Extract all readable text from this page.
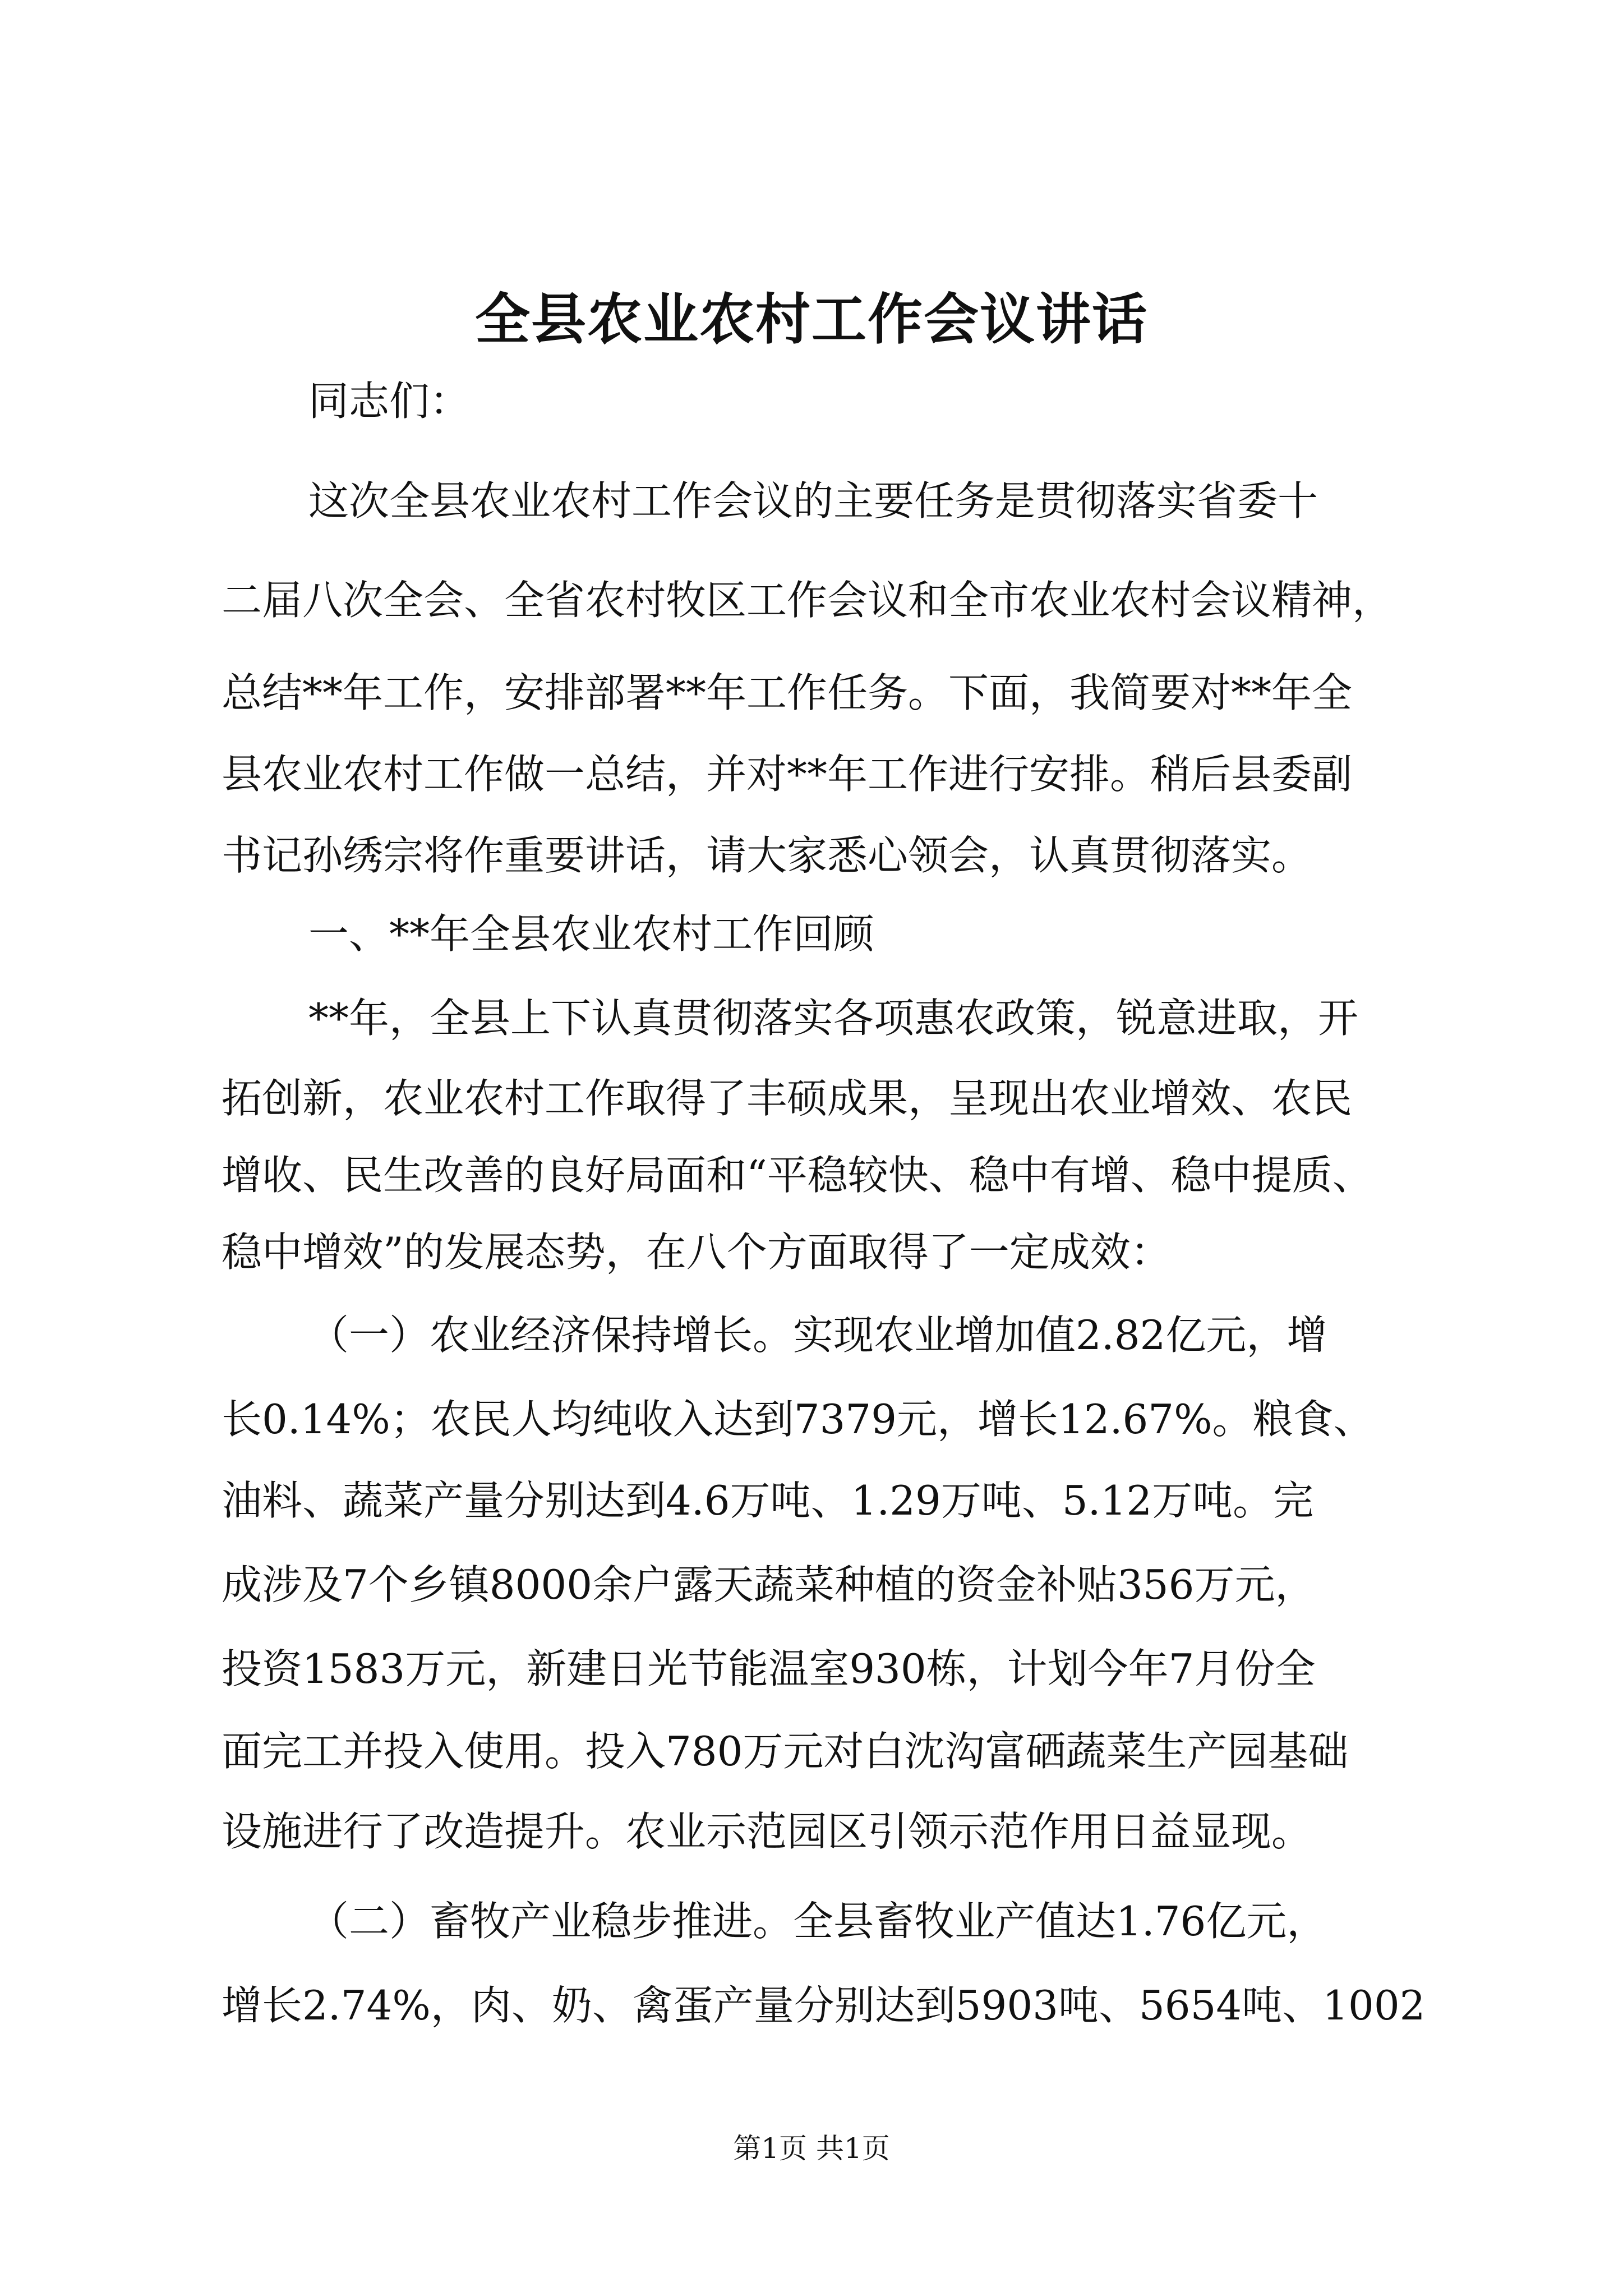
全县农业农村工作会议讲话
同志们：
这次全县农业农村工作会议的主要任务是贯彻落实省委十
二届八次全会、全省农村牧区工作会议和全市农业农村会议精神，
总结**年工作，安排部署**年工作任务。下面，我简要对**年全
县农业农村工作做一总结，并对**年工作进行安排。稍后县委副
书记孙绣宗将作重要讲话，请大家悉心领会，认真贯彻落实。
一、**年全县农业农村工作回顾
**年，全县上下认真贯彻落实各项惠农政策，锐意进取，开
拓创新，农业农村工作取得了丰硕成果，呈现出农业增效、农民
增收、民生改善的良好局面和“平稳较快、稳中有增、稳中提质、
稳中增效”的发展态势，在八个方面取得了一定成效：
（一）农业经济保持增长。实现农业增加值2.82亿元，增
长0.14%；农民人均纯收入达到7379元，增长12.67%。粮食、
油料、蔬菜产量分别达到4.6万吨、1.29万吨、5.12万吨。完
成涉及7个乡镇8000余户露天蔬菜种植的资金补贴356万元，
投资1583万元，新建日光节能温室930栋，计划今年7月份全
面完工并投入使用。投入780万元对白沈沟富硒蔬菜生产园基础
设施进行了改造提升。农业示范园区引领示范作用日益显现。
（二）畜牧产业稳步推进。全县畜牧业产值达1.76亿元，
增长2.74%，肉、奶、禽蛋产量分别达到5903吨、5654吨、1002

第1页 共1页
